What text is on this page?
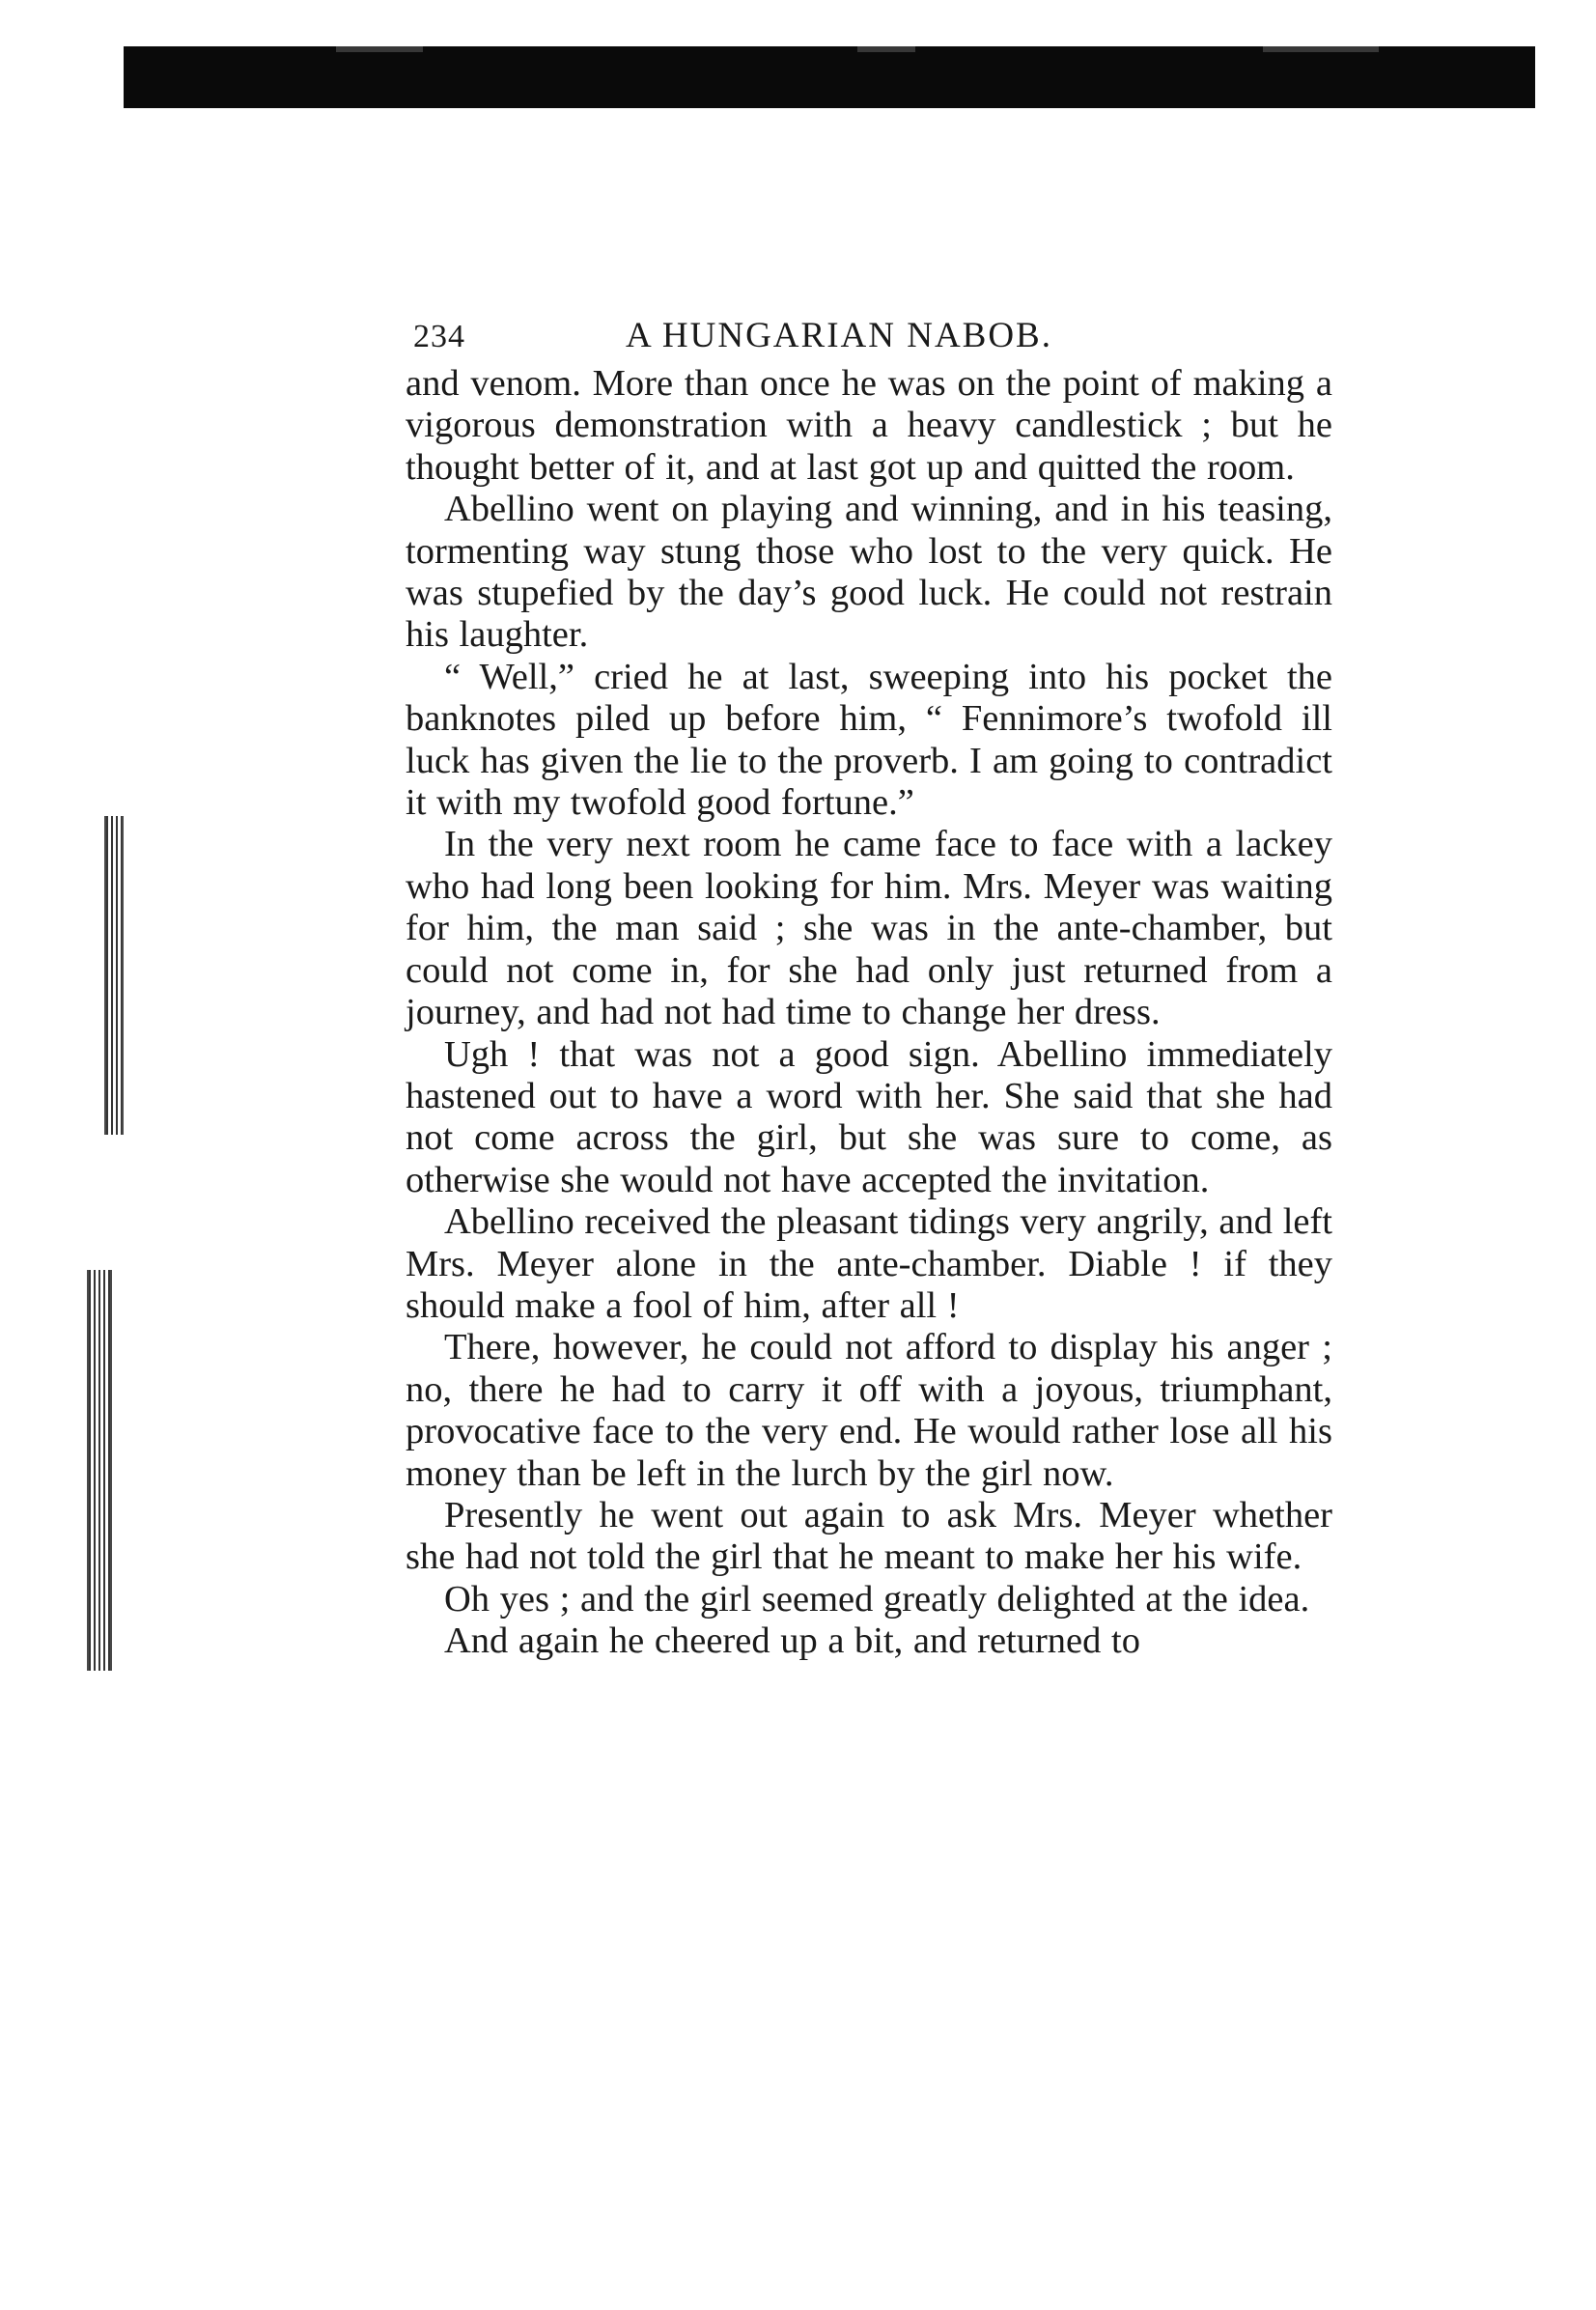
234	A HUNGARIAN NABOB.

and venom. More than once he was on the point of making a vigorous demonstration with a heavy candlestick ; but he thought better of it, and at last got up and quitted the room.

Abellino went on playing and winning, and in his teasing, tormenting way stung those who lost to the very quick. He was stupefied by the day’s good luck. He could not restrain his laughter.

“ Well,” cried he at last, sweeping into his pocket the banknotes piled up before him, “ Fennimore’s twofold ill luck has given the lie to the proverb. I am going to contradict it with my twofold good fortune.”

In the very next room he came face to face with a lackey who had long been looking for him. Mrs. Meyer was waiting for him, the man said ; she was in the ante-chamber, but could not come in, for she had only just returned from a journey, and had not had time to change her dress.

Ugh ! that was not a good sign. Abellino immediately hastened out to have a word with her. She said that she had not come across the girl, but she was sure to come, as otherwise she would not have accepted the invitation.

Abellino received the pleasant tidings very angrily, and left Mrs. Meyer alone in the ante-chamber. Diable ! if they should make a fool of him, after all !

There, however, he could not afford to display his anger ; no, there he had to carry it off with a joyous, triumphant, provocative face to the very end. He would rather lose all his money than be left in the lurch by the girl now.

Presently he went out again to ask Mrs. Meyer whether she had not told the girl that he meant to make her his wife.

Oh yes ; and the girl seemed greatly delighted at the idea.

And again he cheered up a bit, and returned to
